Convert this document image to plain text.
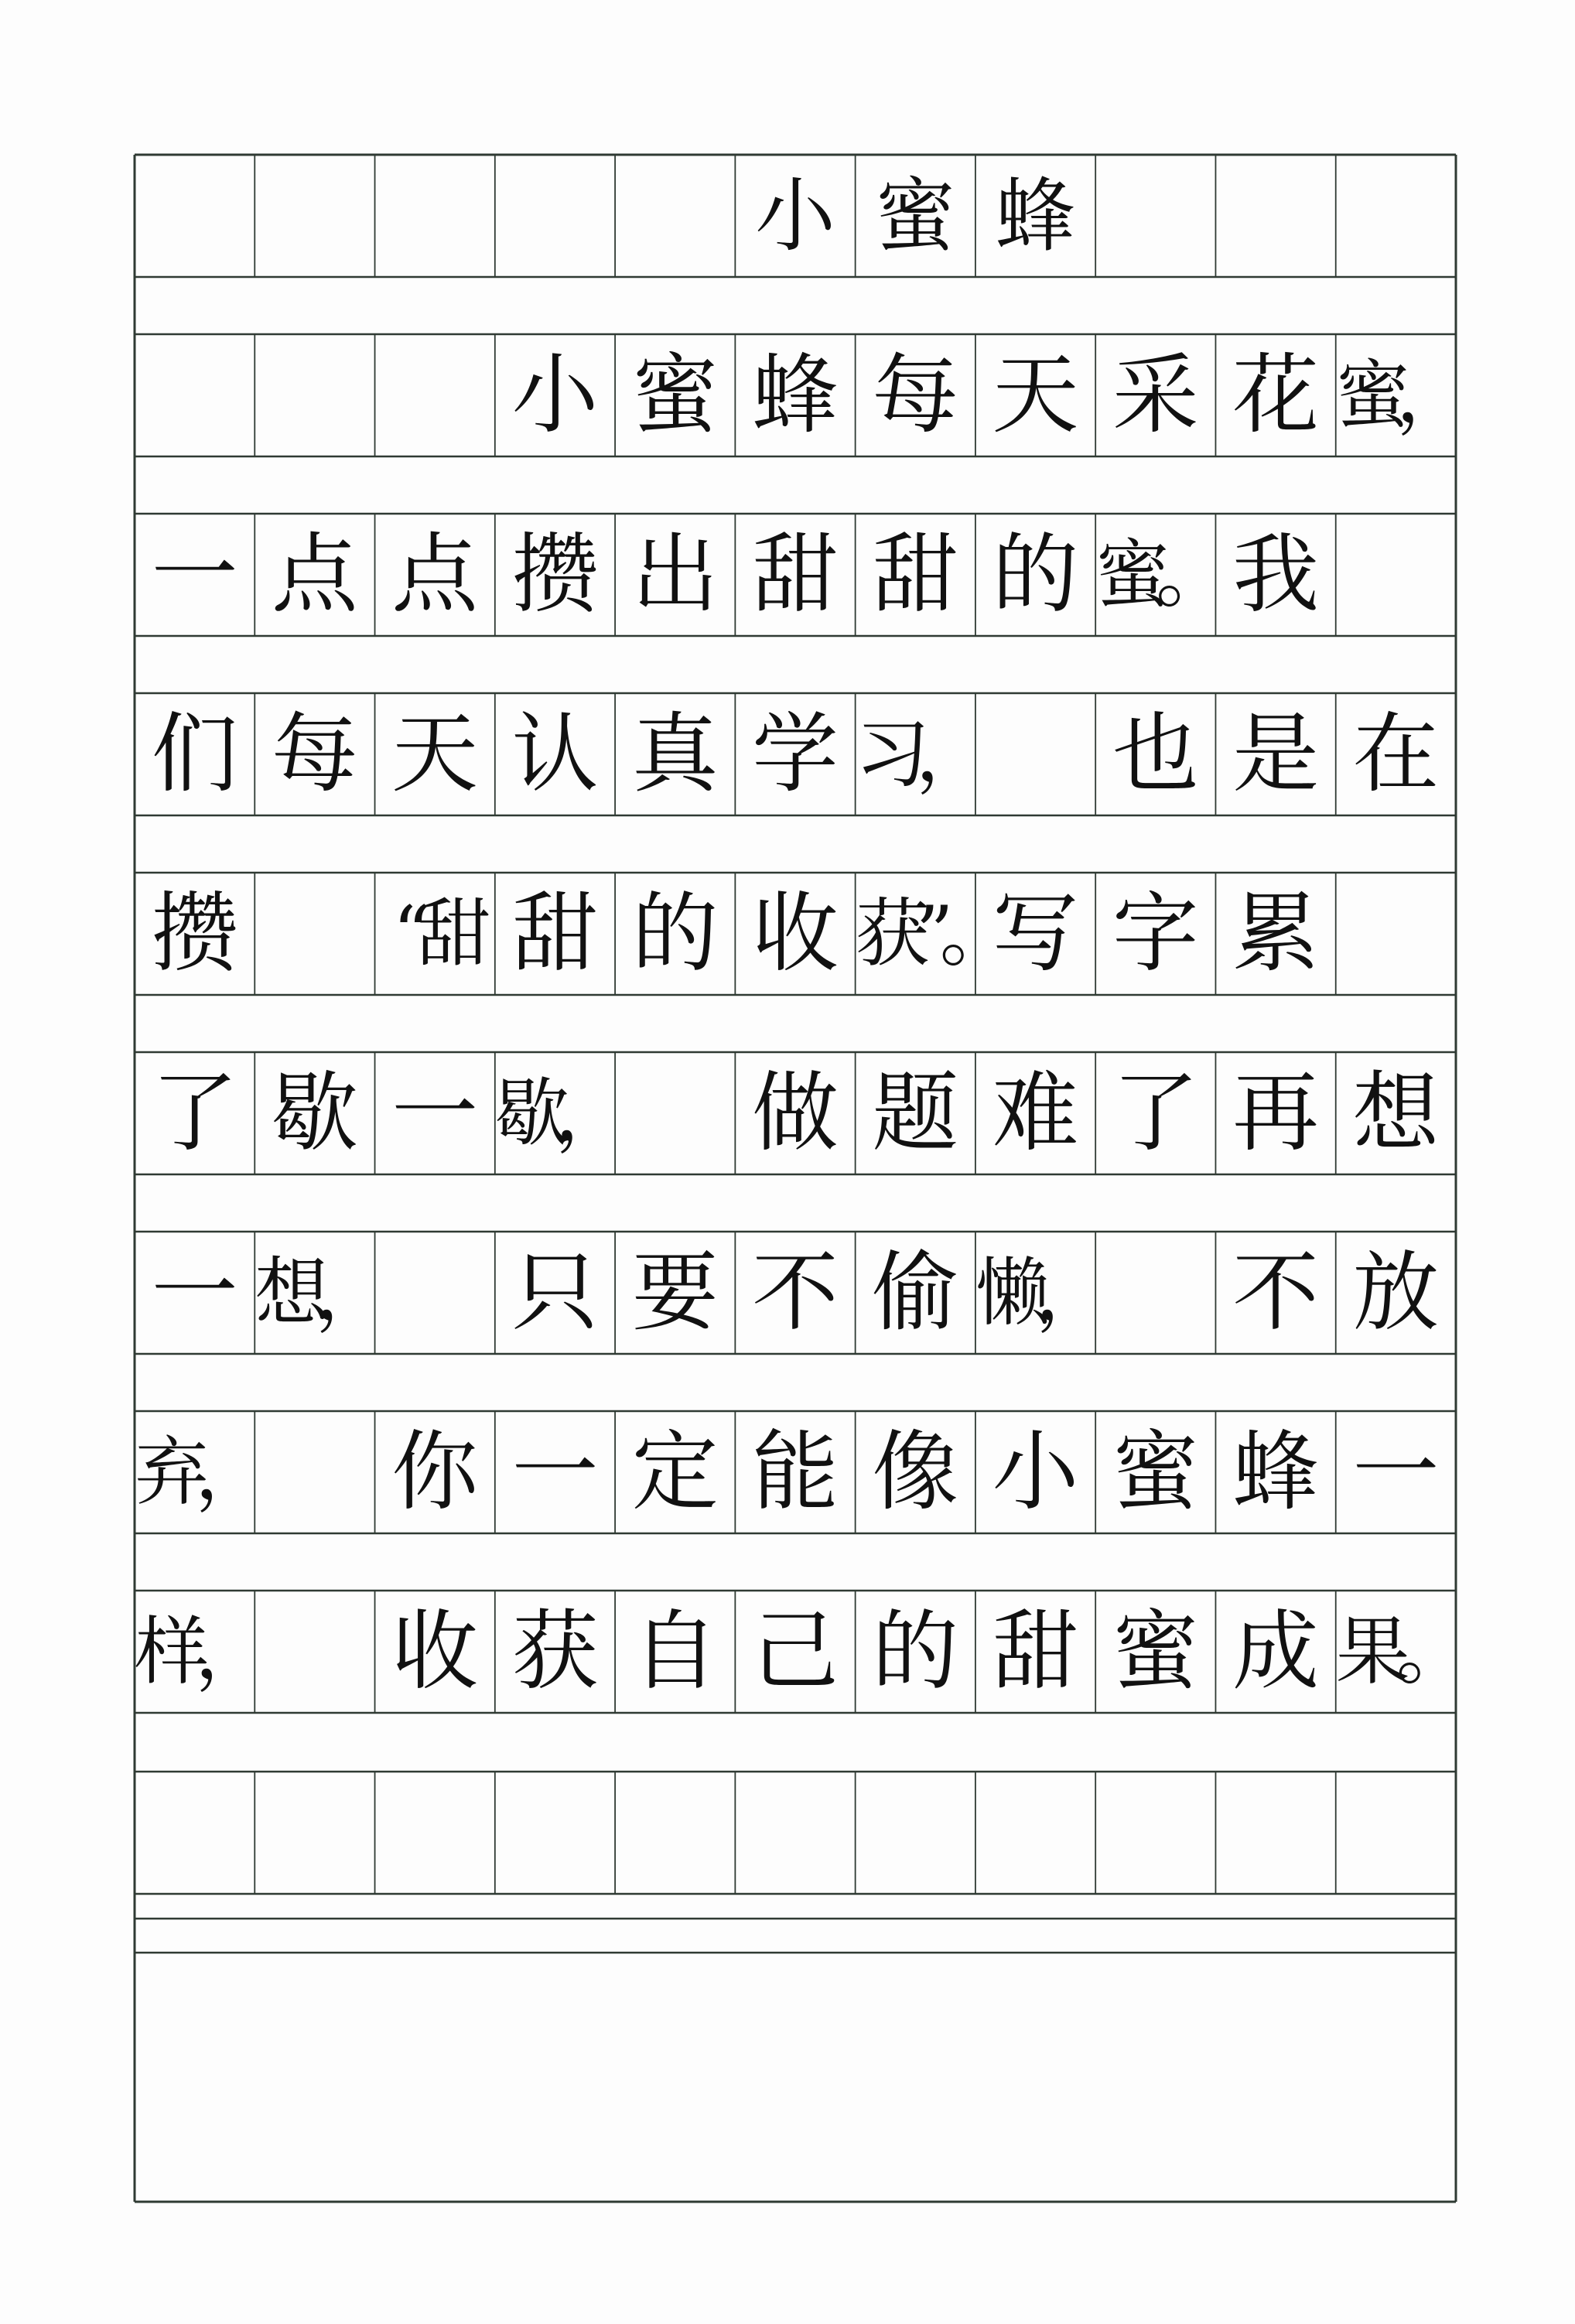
小 蜜 蜂
小 蜜 蜂 每 天 采 花 蜜，
一 点 点 攒 出 甜 甜 的 蜜。 我
们 每 天 认 真 学 习， 也 是 在
攒 “甜 甜 的 收 获”。
写 字 累
了 歇 一 歇， 做 题 难 了 再 想
一 想， 只 要 不 偷 懒， 不 放
弃， 你 一 定 能 像 小 蜜 蜂 一
样， 收 获 自 己 的 甜 蜜 成 果。
